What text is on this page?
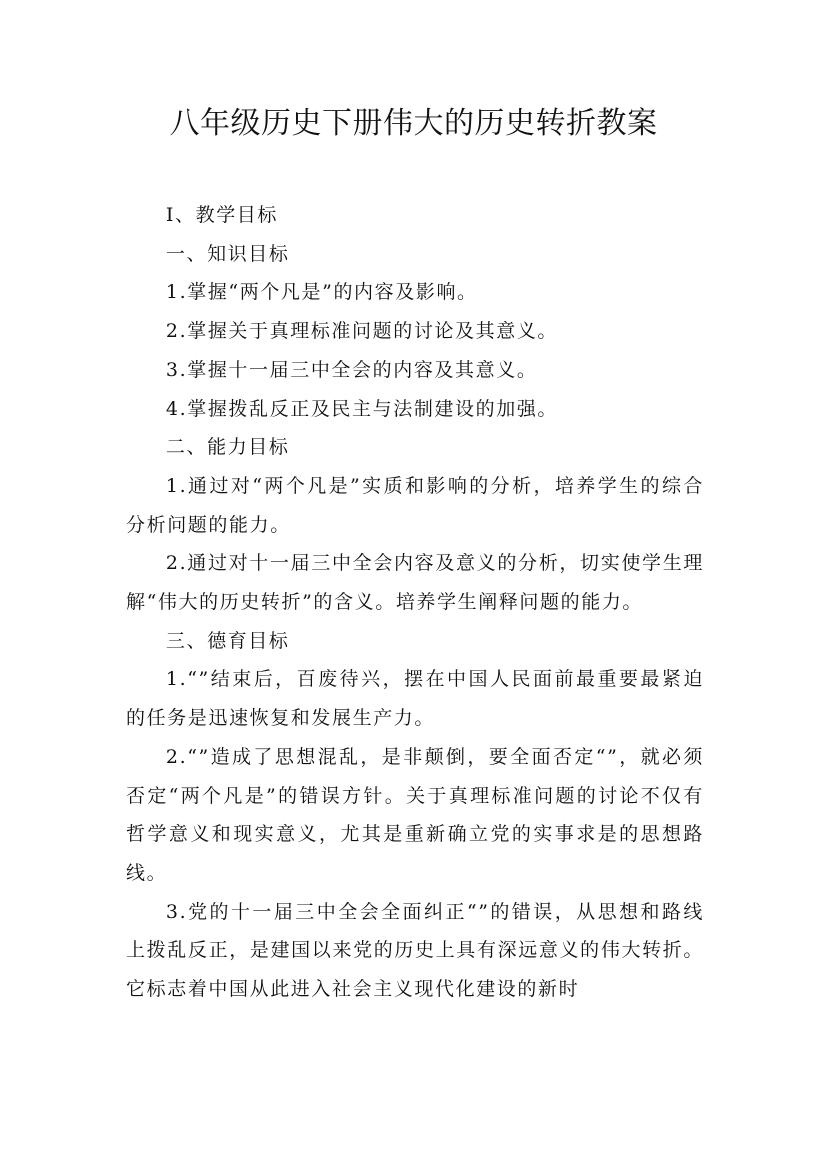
八年级历史下册伟大的历史转折教案

Ⅰ、教学目标

一、知识目标

1.掌握“两个凡是”的内容及影响。

2.掌握关于真理标准问题的讨论及其意义。

3.掌握十一届三中全会的内容及其意义。

4.掌握拨乱反正及民主与法制建设的加强。

二、能力目标

1.通过对“两个凡是”实质和影响的分析，培养学生的综合分析问题的能力。

2.通过对十一届三中全会内容及意义的分析，切实使学生理解“伟大的历史转折”的含义。培养学生阐释问题的能力。

三、德育目标

1.“”结束后，百废待兴，摆在中国人民面前最重要最紧迫的任务是迅速恢复和发展生产力。

2.“”造成了思想混乱，是非颠倒，要全面否定“”，就必须否定“两个凡是”的错误方针。关于真理标准问题的讨论不仅有哲学意义和现实意义，尤其是重新确立党的实事求是的思想路线。

3.党的十一届三中全会全面纠正“”的错误，从思想和路线上拨乱反正，是建国以来党的历史上具有深远意义的伟大转折。它标志着中国从此进入社会主义现代化建设的新时
